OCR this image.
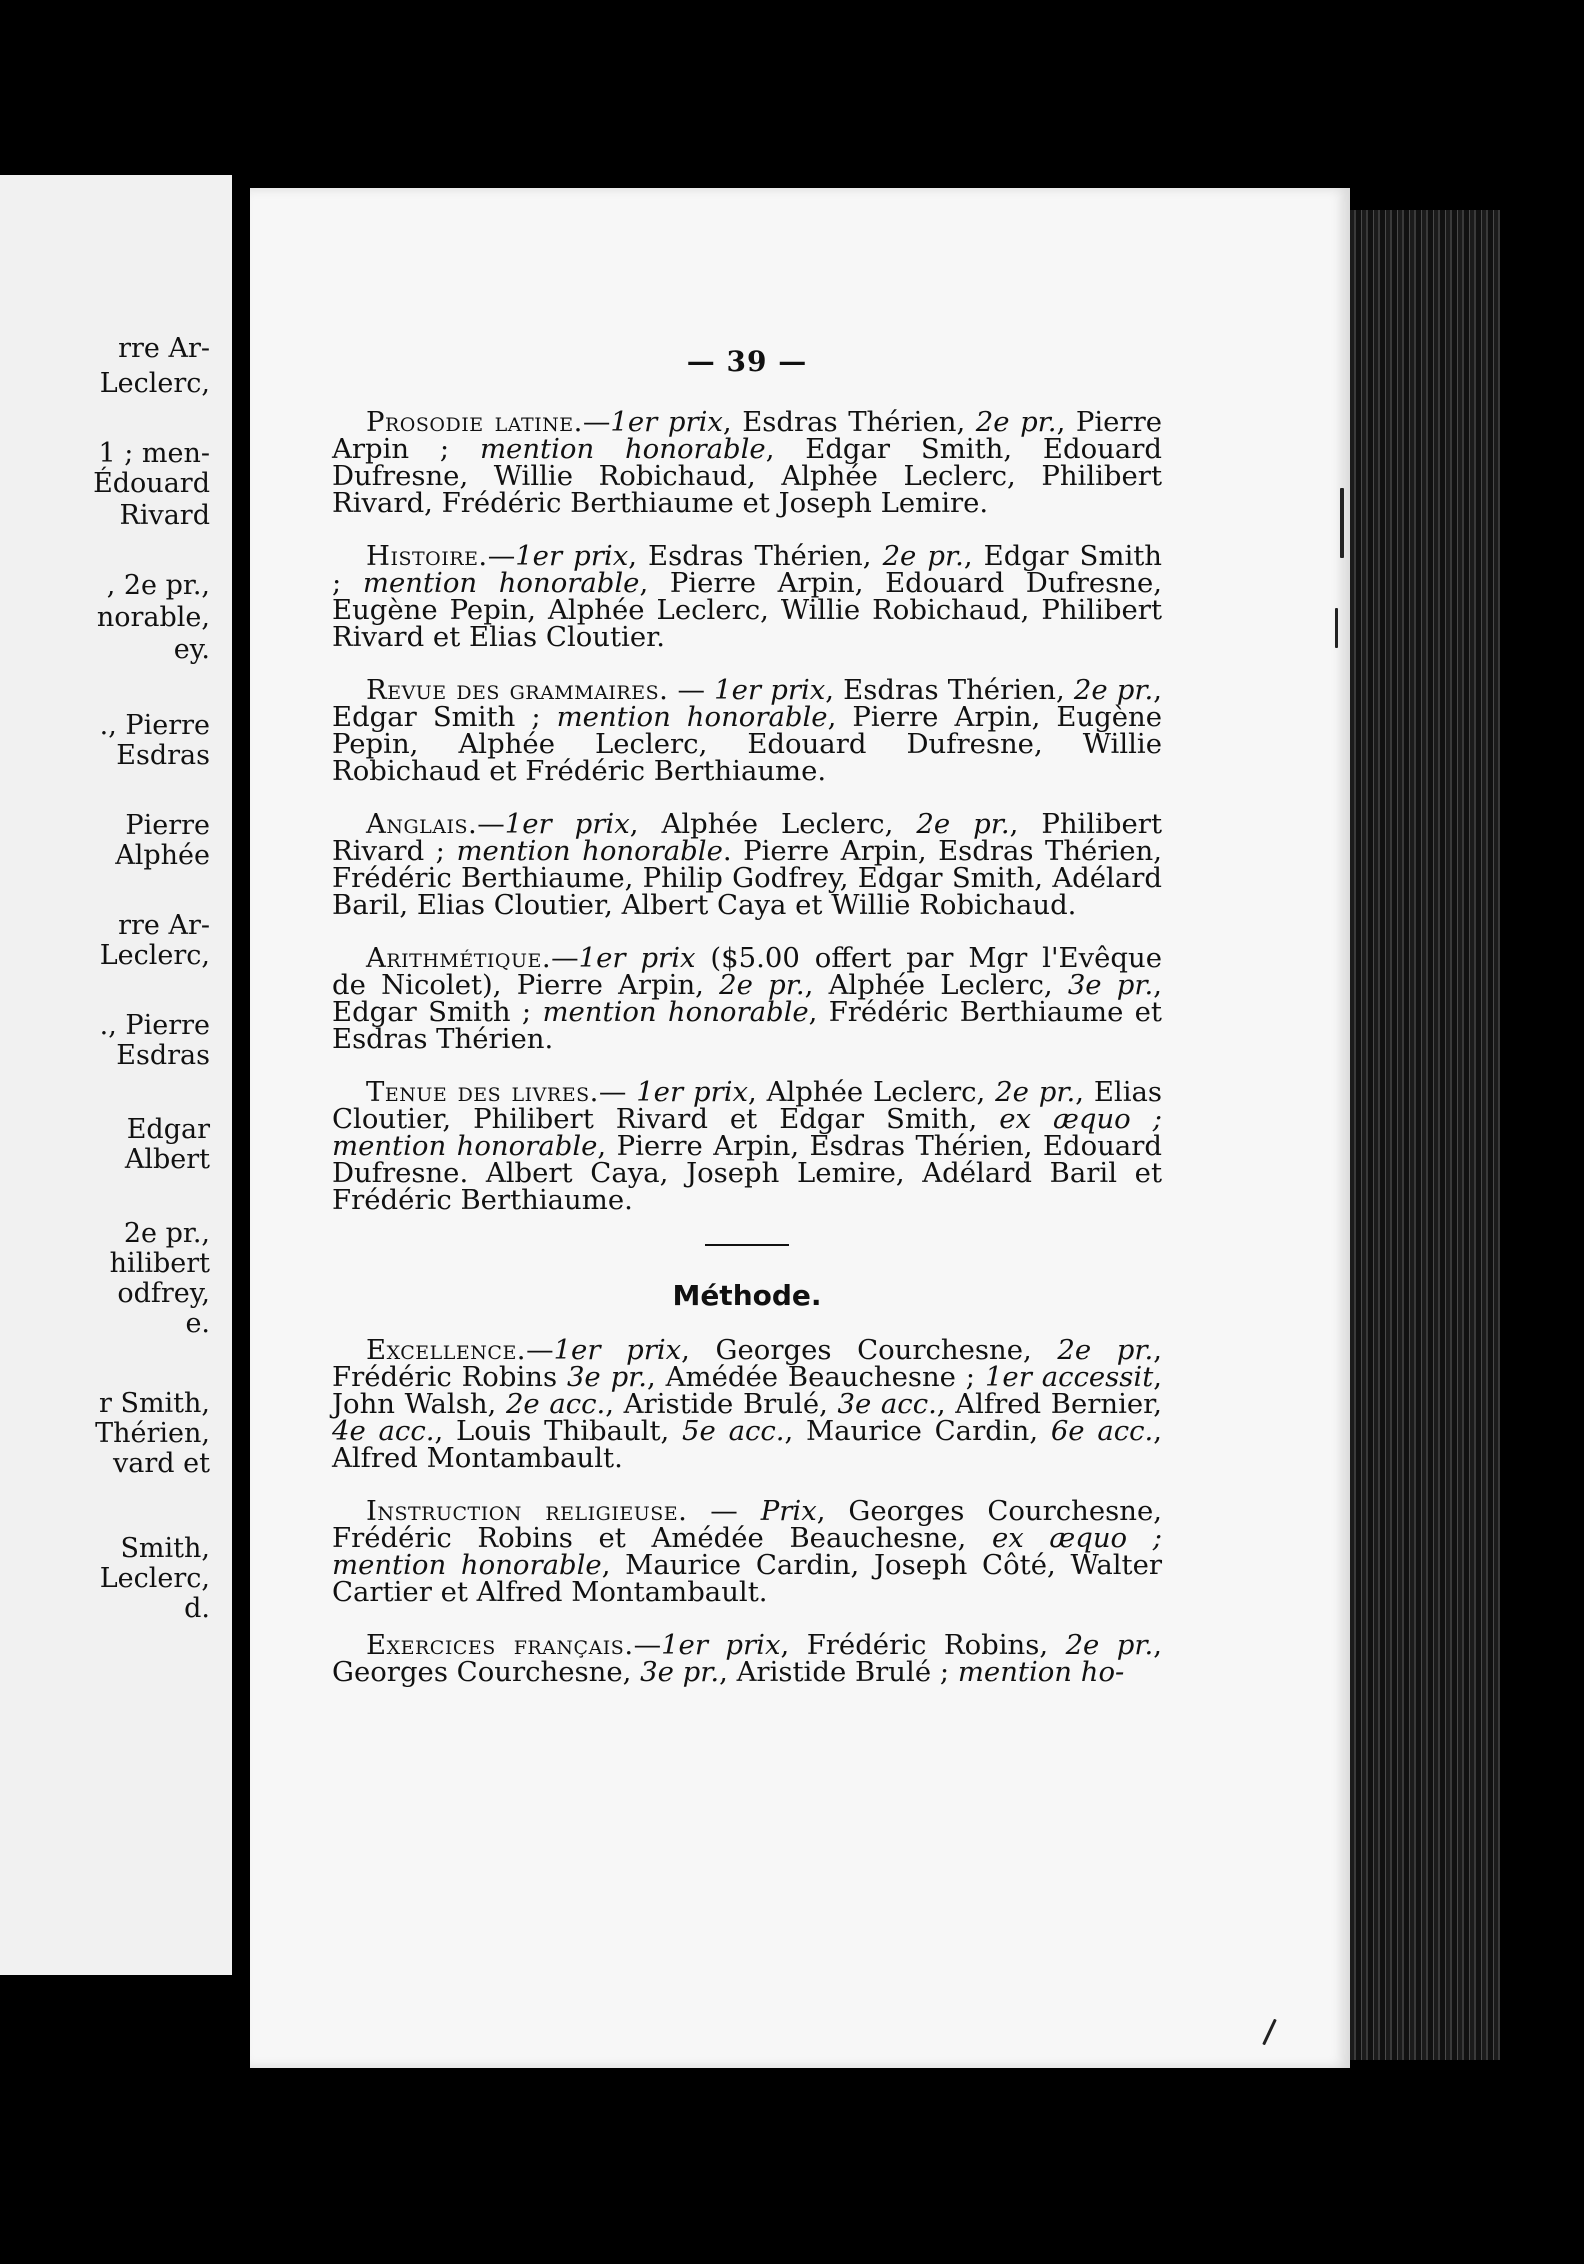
rre Ar-
Leclerc,
1 ; men-
Édouard
Rivard
, 2e pr.,
norable,
ey.
., Pierre
Esdras
Pierre
Alphée
rre Ar-
Leclerc,
., Pierre
Esdras
Edgar
Albert
2e pr.,
hilibert
odfrey,
e.
r Smith,
Thérien,
vard et
Smith,
Leclerc,
d.
— 39 —
Prosodie latine.—1er prix, Esdras Thérien, 2e pr., Pierre Arpin ; mention honorable, Edgar Smith, Edouard Dufresne, Willie Robichaud, Alphée Leclerc, Philibert Rivard, Frédéric Berthiaume et Joseph Lemire.
Histoire.—1er prix, Esdras Thérien, 2e pr., Edgar Smith ; mention honorable, Pierre Arpin, Edouard Dufresne, Eugène Pepin, Alphée Leclerc, Willie Robichaud, Philibert Rivard et Elias Cloutier.
Revue des grammaires. — 1er prix, Esdras Thérien, 2e pr., Edgar Smith ; mention honorable, Pierre Arpin, Eugène Pepin, Alphée Leclerc, Edouard Dufresne, Willie Robichaud et Frédéric Berthiaume.
Anglais.—1er prix, Alphée Leclerc, 2e pr., Philibert Rivard ; mention honorable. Pierre Arpin, Esdras Thérien, Frédéric Berthiaume, Philip Godfrey, Edgar Smith, Adélard Baril, Elias Cloutier, Albert Caya et Willie Robichaud.
Arithmétique.—1er prix ($5.00 offert par Mgr l'Evêque de Nicolet), Pierre Arpin, 2e pr., Alphée Leclerc, 3e pr., Edgar Smith ; mention honorable, Frédéric Berthiaume et Esdras Thérien.
Tenue des livres.— 1er prix, Alphée Leclerc, 2e pr., Elias Cloutier, Philibert Rivard et Edgar Smith, ex æquo ; mention honorable, Pierre Arpin, Esdras Thérien, Edouard Dufresne. Albert Caya, Joseph Lemire, Adélard Baril et Frédéric Berthiaume.
Méthode.
Excellence.—1er prix, Georges Courchesne, 2e pr., Frédéric Robins 3e pr., Amédée Beauchesne ; 1er accessit, John Walsh, 2e acc., Aristide Brulé, 3e acc., Alfred Bernier, 4e acc., Louis Thibault, 5e acc., Maurice Cardin, 6e acc., Alfred Montambault.
Instruction religieuse. — Prix, Georges Courchesne, Frédéric Robins et Amédée Beauchesne, ex æquo ; mention honorable, Maurice Cardin, Joseph Côté, Walter Cartier et Alfred Montambault.
Exercices français.—1er prix, Frédéric Robins, 2e pr., Georges Courchesne, 3e pr., Aristide Brulé ; mention ho-
